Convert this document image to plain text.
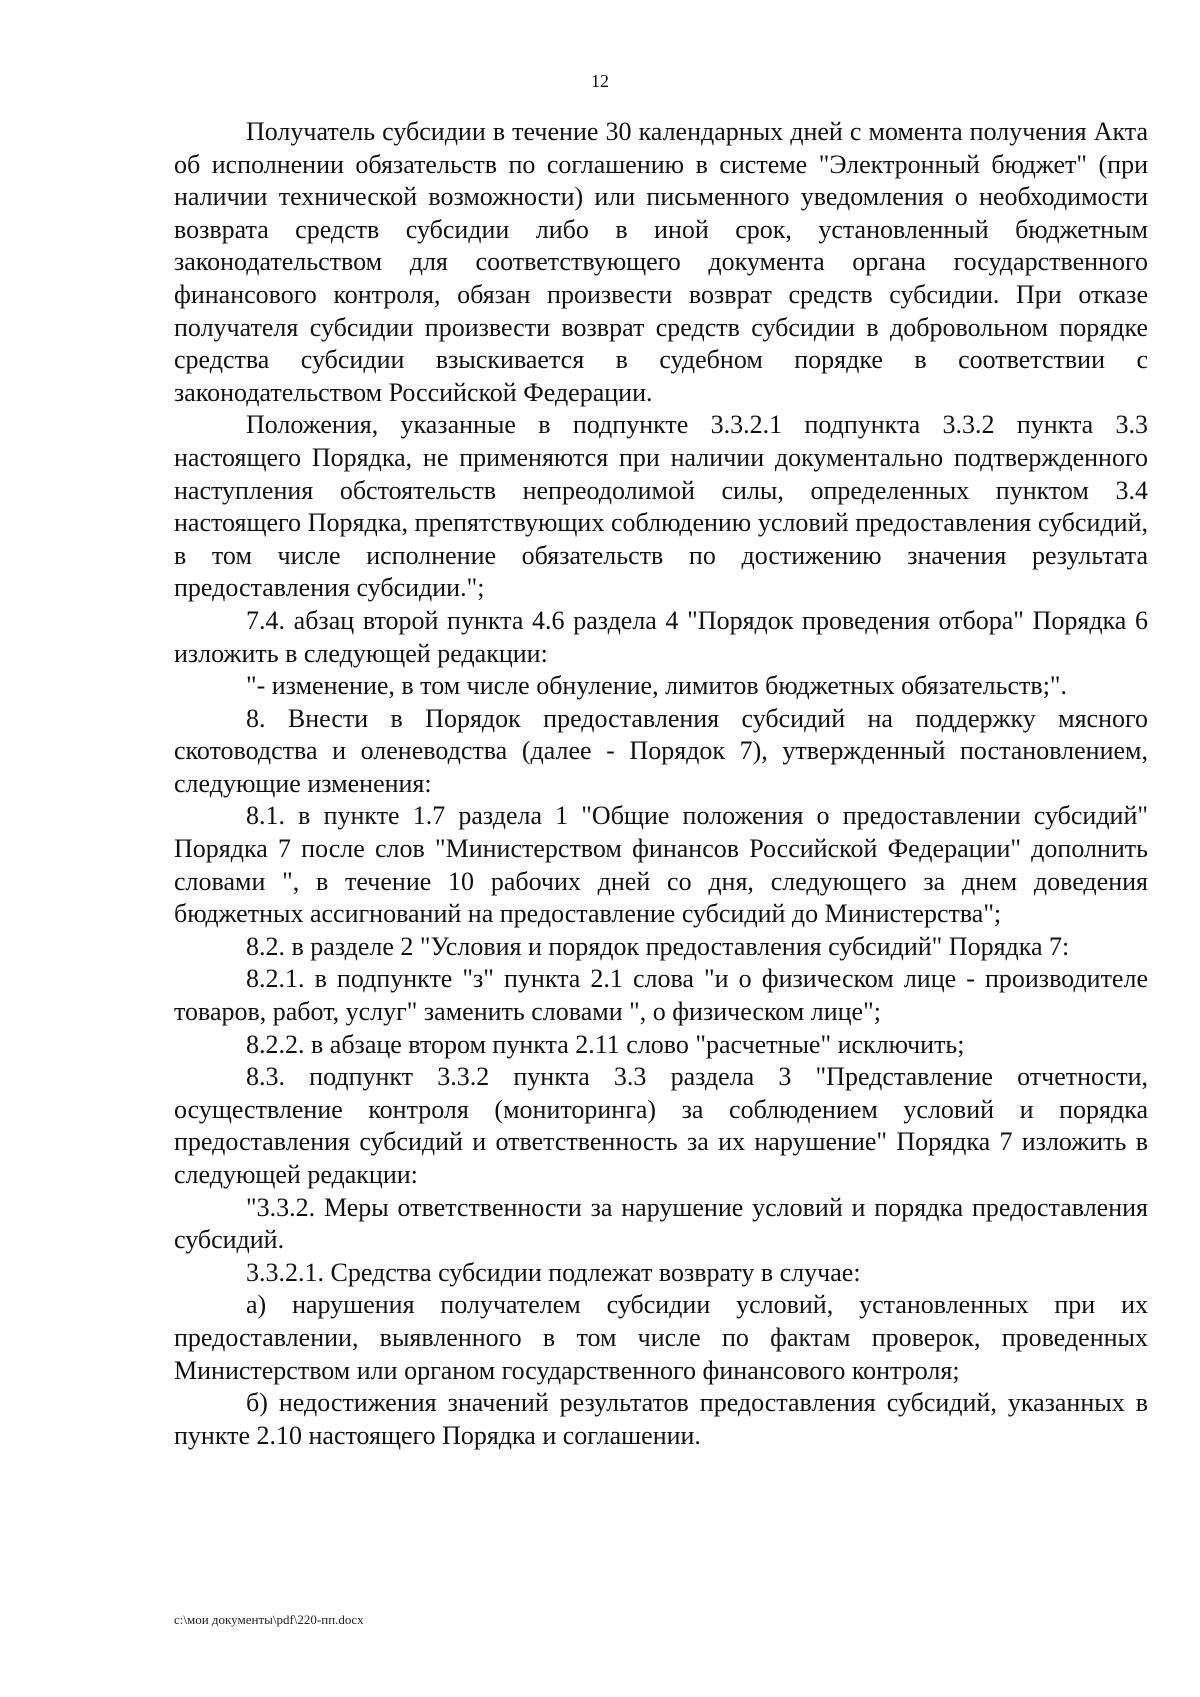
12

Получатель субсидии в течение 30 календарных дней с момента получения Акта об исполнении обязательств по соглашению в системе "Электронный бюджет" (при наличии технической возможности) или письменного уведомления о необходимости возврата средств субсидии либо в иной срок, установленный бюджетным законодательством для соответствующего документа органа государственного финансового контроля, обязан произвести возврат средств субсидии. При отказе получателя субсидии произвести возврат средств субсидии в добровольном порядке средства субсидии взыскивается в судебном порядке в соответствии с законодательством Российской Федерации.

Положения, указанные в подпункте 3.3.2.1 подпункта 3.3.2 пункта 3.3 настоящего Порядка, не применяются при наличии документально подтвержденного наступления обстоятельств непреодолимой силы, определенных пунктом 3.4 настоящего Порядка, препятствующих соблюдению условий предоставления субсидий, в том числе исполнение обязательств по достижению значения результата предоставления субсидии.";

7.4. абзац второй пункта 4.6 раздела 4 "Порядок проведения отбора" Порядка 6 изложить в следующей редакции:

"- изменение, в том числе обнуление, лимитов бюджетных обязательств;".

8. Внести в Порядок предоставления субсидий на поддержку мясного скотоводства и оленеводства (далее - Порядок 7), утвержденный постановлением, следующие изменения:

8.1. в пункте 1.7 раздела 1 "Общие положения о предоставлении субсидий" Порядка 7 после слов "Министерством финансов Российской Федерации" дополнить словами ", в течение 10 рабочих дней со дня, следующего за днем доведения бюджетных ассигнований на предоставление субсидий до Министерства";

8.2. в разделе 2 "Условия и порядок предоставления субсидий" Порядка 7:

8.2.1. в подпункте "з" пункта 2.1 слова "и о физическом лице - производителе товаров, работ, услуг" заменить словами ", о физическом лице";

8.2.2. в абзаце втором пункта 2.11 слово "расчетные" исключить;

8.3. подпункт 3.3.2 пункта 3.3 раздела 3 "Представление отчетности, осуществление контроля (мониторинга) за соблюдением условий и порядка предоставления субсидий и ответственность за их нарушение" Порядка 7 изложить в следующей редакции:

"3.3.2. Меры ответственности за нарушение условий и порядка предоставления субсидий.

3.3.2.1. Средства субсидии подлежат возврату в случае:

а) нарушения получателем субсидии условий, установленных при их предоставлении, выявленного в том числе по фактам проверок, проведенных Министерством или органом государственного финансового контроля;

б) недостижения значений результатов предоставления субсидий, указанных в пункте 2.10 настоящего Порядка и соглашении.

c:\мои документы\pdf\220-пп.docx
